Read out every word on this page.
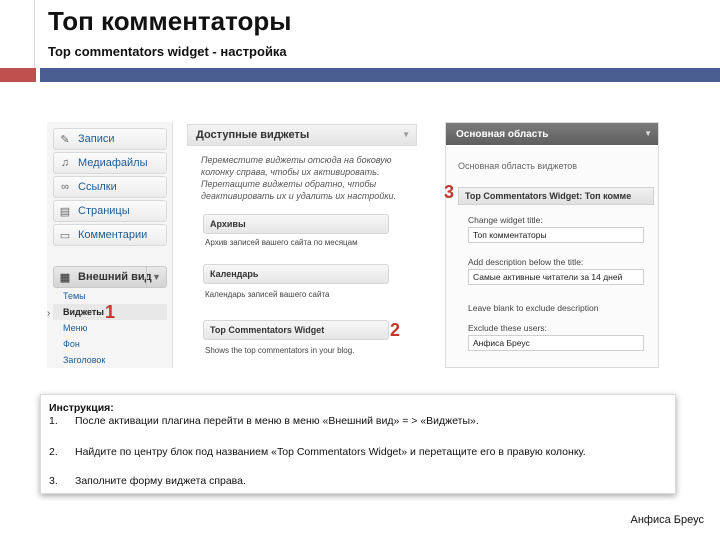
Топ комментаторы
Top commentators widget - настройка
✎ Записи
♫ Медиафайлы
∞ Ссылки
▤ Страницы
▭ Комментарии
▦ Внешний вид ▼
Темы
Виджеты
Меню
Фон
Заголовок
›
Доступные виджеты	▼
Переместите виджеты отсюда на боковую колонку справа, чтобы их активировать. Перетащите виджеты обратно, чтобы деактивировать их и удалить их настройки.
Архивы
Архив записей вашего сайта по месяцам
Календарь
Календарь записей вашего сайта
Top Commentators Widget
Shows the top commentators in your blog.
Основная область	▼
Основная область виджетов
Top Commentators Widget: Топ комме
Change widget title:
Топ комментаторы
Add description below the title:
Самые активные читатели за 14 дней
Leave blank to exclude description
Exclude these users:
Анфиса Бреус
1
2
3
Инструкция:
1. После активации плагина перейти в меню в меню «Внешний вид» = > «Виджеты».
2. Найдите по центру блок под названием «Top Commentators Widget» и перетащите его в правую колонку.
3. Заполните форму виджета справа.
Анфиса Бреус
